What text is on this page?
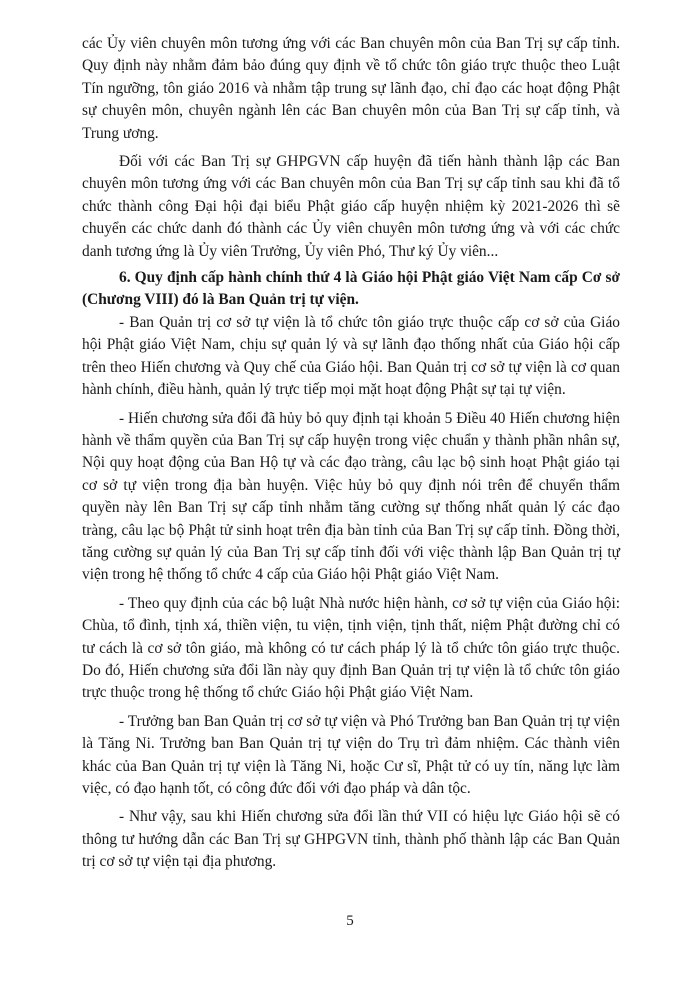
các Ủy viên chuyên môn tương ứng với các Ban chuyên môn của Ban Trị sự cấp tỉnh. Quy định này nhằm đảm bảo đúng quy định về tổ chức tôn giáo trực thuộc theo Luật Tín ngưỡng, tôn giáo 2016 và nhằm tập trung sự lãnh đạo, chỉ đạo các hoạt động Phật sự chuyên môn, chuyên ngành lên các Ban chuyên môn của Ban Trị sự cấp tỉnh, và Trung ương.

Đối với các Ban Trị sự GHPGVN cấp huyện đã tiến hành thành lập các Ban chuyên môn tương ứng với các Ban chuyên môn của Ban Trị sự cấp tỉnh sau khi đã tổ chức thành công Đại hội đại biểu Phật giáo cấp huyện nhiệm kỳ 2021-2026 thì sẽ chuyển các chức danh đó thành các Ủy viên chuyên môn tương ứng và với các chức danh tương ứng là Ủy viên Trưởng, Ủy viên Phó, Thư ký Ủy viên...

6. Quy định cấp hành chính thứ 4 là Giáo hội Phật giáo Việt Nam cấp Cơ sở (Chương VIII) đó là Ban Quản trị tự viện.

- Ban Quản trị cơ sở tự viện là tổ chức tôn giáo trực thuộc cấp cơ sở của Giáo hội Phật giáo Việt Nam, chịu sự quản lý và sự lãnh đạo thống nhất của Giáo hội cấp trên theo Hiến chương và Quy chế của Giáo hội. Ban Quản trị cơ sở tự viện là cơ quan hành chính, điều hành, quản lý trực tiếp mọi mặt hoạt động Phật sự tại tự viện.

- Hiến chương sửa đổi đã hủy bỏ quy định tại khoản 5 Điều 40 Hiến chương hiện hành về thẩm quyền của Ban Trị sự cấp huyện trong việc chuẩn y thành phần nhân sự, Nội quy hoạt động của Ban Hộ tự và các đạo tràng, câu lạc bộ sinh hoạt Phật giáo tại cơ sở tự viện trong địa bàn huyện. Việc hủy bỏ quy định nói trên để chuyển thẩm quyền này lên Ban Trị sự cấp tỉnh nhằm tăng cường sự thống nhất quản lý các đạo tràng, câu lạc bộ Phật tử sinh hoạt trên địa bàn tỉnh của Ban Trị sự cấp tỉnh. Đồng thời, tăng cường sự quản lý của Ban Trị sự cấp tỉnh đối với việc thành lập Ban Quản trị tự viện trong hệ thống tổ chức 4 cấp của Giáo hội Phật giáo Việt Nam.

- Theo quy định của các bộ luật Nhà nước hiện hành, cơ sở tự viện của Giáo hội: Chùa, tổ đình, tịnh xá, thiền viện, tu viện, tịnh viện, tịnh thất, niệm Phật đường chỉ có tư cách là cơ sở tôn giáo, mà không có tư cách pháp lý là tổ chức tôn giáo trực thuộc. Do đó, Hiến chương sửa đổi lần này quy định Ban Quản trị tự viện là tổ chức tôn giáo trực thuộc trong hệ thống tổ chức Giáo hội Phật giáo Việt Nam.

- Trưởng ban Ban Quản trị cơ sở tự viện và Phó Trưởng ban Ban Quản trị tự viện là Tăng Ni. Trưởng ban Ban Quản trị tự viện do Trụ trì đảm nhiệm. Các thành viên khác của Ban Quản trị tự viện là Tăng Ni, hoặc Cư sĩ, Phật tử có uy tín, năng lực làm việc, có đạo hạnh tốt, có công đức đối với đạo pháp và dân tộc.

- Như vậy, sau khi Hiến chương sửa đổi lần thứ VII có hiệu lực Giáo hội sẽ có thông tư hướng dẫn các Ban Trị sự GHPGVN tỉnh, thành phố thành lập các Ban Quản trị cơ sở tự viện tại địa phương.

5
